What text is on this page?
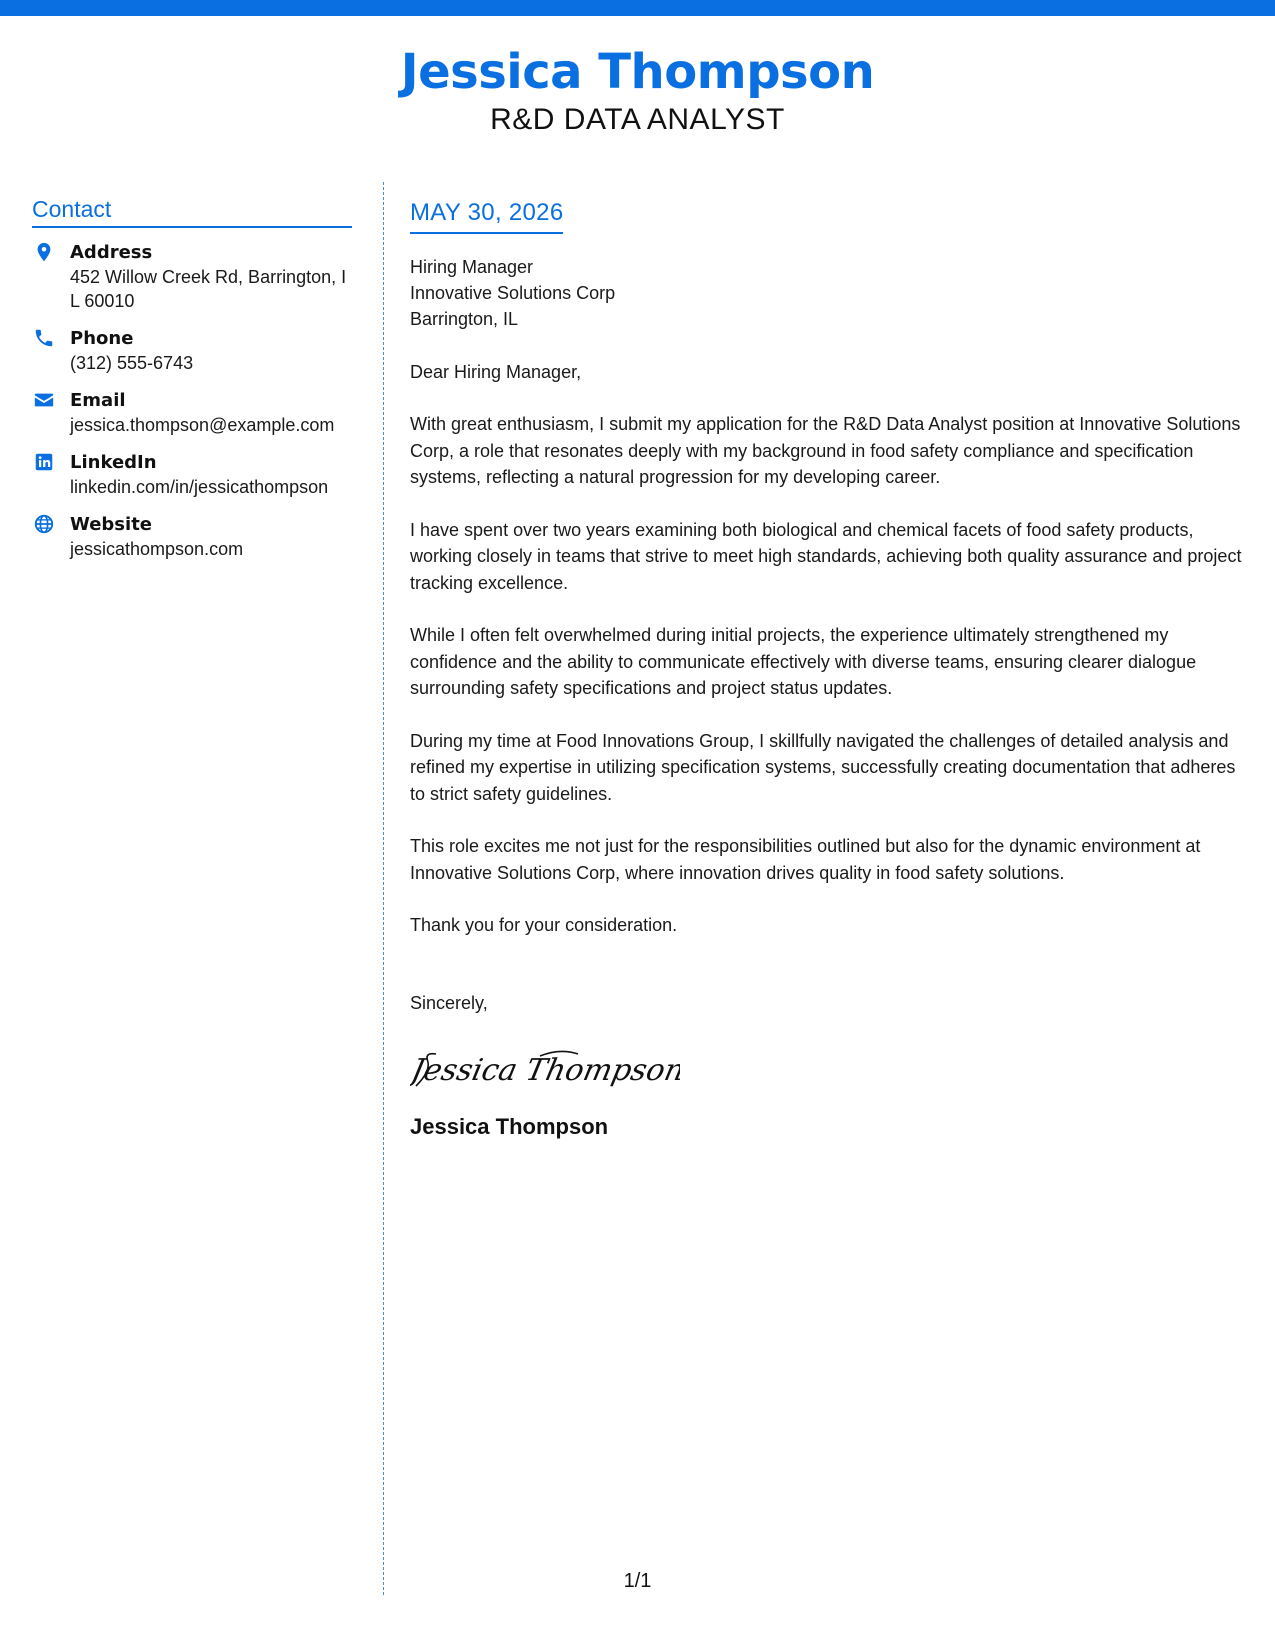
Jessica Thompson
R&D DATA ANALYST
Contact
Address
452 Willow Creek Rd, Barrington, IL 60010
Phone
(312) 555-6743
Email
jessica.thompson@example.com
LinkedIn
linkedin.com/in/jessicathompson
Website
jessicathompson.com
MAY 30, 2026
Hiring Manager
Innovative Solutions Corp
Barrington, IL
Dear Hiring Manager,

With great enthusiasm, I submit my application for the R&D Data Analyst position at Innovative Solutions Corp, a role that resonates deeply with my background in food safety compliance and specification systems, reflecting a natural progression for my developing career.

I have spent over two years examining both biological and chemical facets of food safety products, working closely in teams that strive to meet high standards, achieving both quality assurance and project tracking excellence.

While I often felt overwhelmed during initial projects, the experience ultimately strengthened my confidence and the ability to communicate effectively with diverse teams, ensuring clearer dialogue surrounding safety specifications and project status updates.

During my time at Food Innovations Group, I skillfully navigated the challenges of detailed analysis and refined my expertise in utilizing specification systems, successfully creating documentation that adheres to strict safety guidelines.

This role excites me not just for the responsibilities outlined but also for the dynamic environment at Innovative Solutions Corp, where innovation drives quality in food safety solutions.

Thank you for your consideration.
Sincerely,
Jessica Thompson
Jessica Thompson
1/1
